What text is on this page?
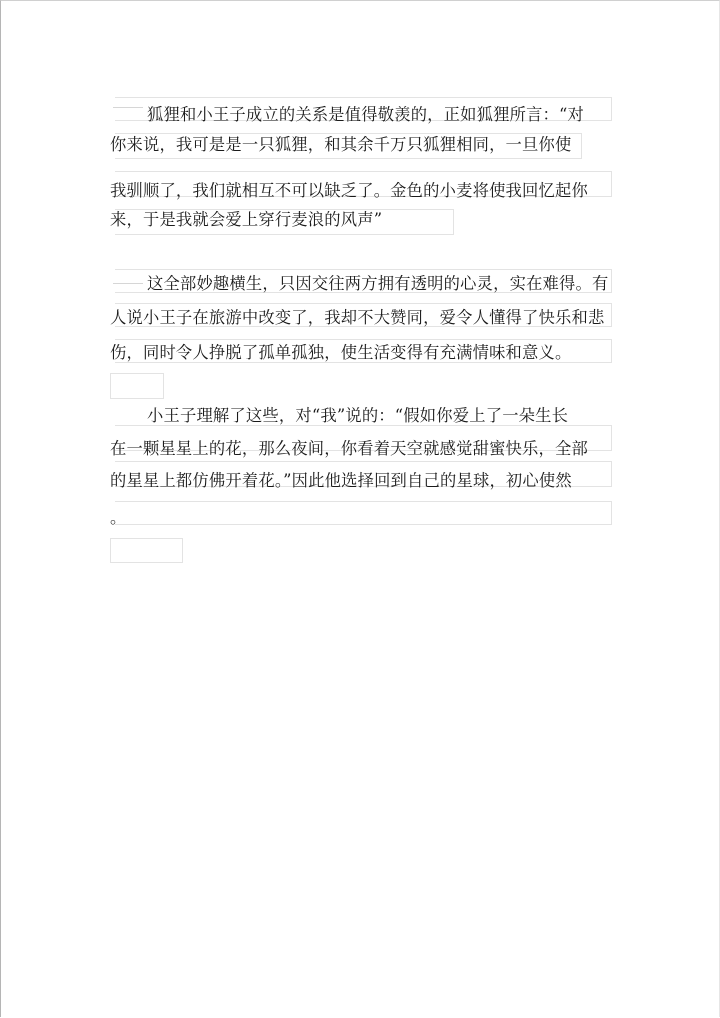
狐狸和小王子成立的关系是值得敬羡的，正如狐狸所言：“对
你来说，我可是是一只狐狸，和其余千万只狐狸相同，一旦你使
我驯顺了，我们就相互不可以缺乏了。金色的小麦将使我回忆起你
来，于是我就会爱上穿行麦浪的风声”
这全部妙趣横生，只因交往两方拥有透明的心灵，实在难得。有
人说小王子在旅游中改变了，我却不大赞同，爱令人懂得了快乐和悲
伤，同时令人挣脱了孤单孤独，使生活变得有充满情味和意义。
小王子理解了这些，对“我”说的：“假如你爱上了一朵生长
在一颗星星上的花，那么夜间，你看着天空就感觉甜蜜快乐，全部
的星星上都仿佛开着花。”因此他选择回到自己的星球，初心使然
。
